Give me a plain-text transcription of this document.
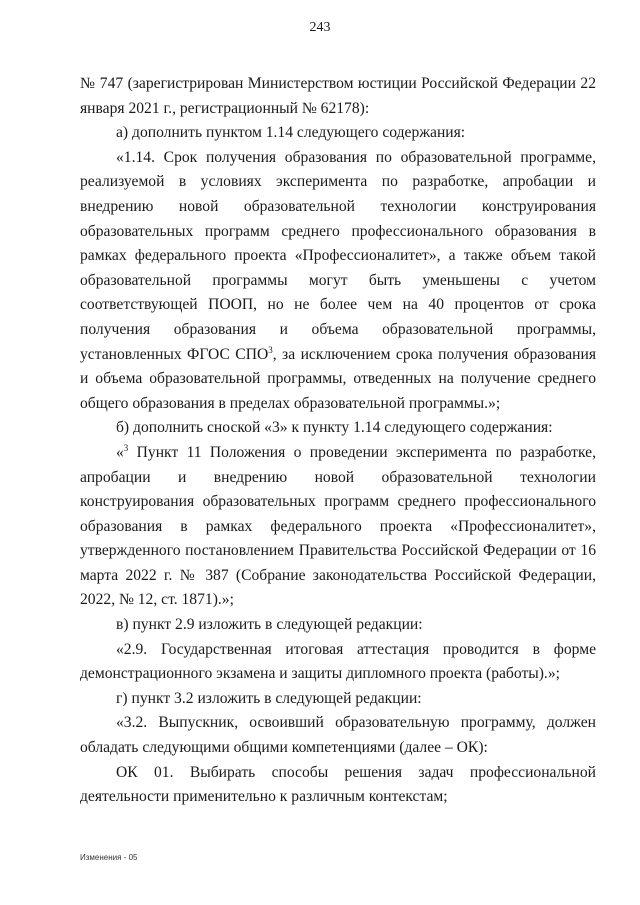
243

№ 747 (зарегистрирован Министерством юстиции Российской Федерации 22 января 2021 г., регистрационный № 62178):

а) дополнить пунктом 1.14 следующего содержания:

«1.14. Срок получения образования по образовательной программе, реализуемой в условиях эксперимента по разработке, апробации и внедрению новой образовательной технологии конструирования образовательных программ среднего профессионального образования в рамках федерального проекта «Профессионалитет», а также объем такой образовательной программы могут быть уменьшены с учетом соответствующей ПООП, но не более чем на 40 процентов от срока получения образования и объема образовательной программы, установленных ФГОС СПО$^3$, за исключением срока получения образования и объема образовательной программы, отведенных на получение среднего общего образования в пределах образовательной программы.»;

б) дополнить сноской «3» к пункту 1.14 следующего содержания:

«$^3$ Пункт 11 Положения о проведении эксперимента по разработке, апробации и внедрению новой образовательной технологии конструирования образовательных программ среднего профессионального образования в рамках федерального проекта «Профессионалитет», утвержденного постановлением Правительства Российской Федерации от 16 марта 2022 г. № 387 (Собрание законодательства Российской Федерации, 2022, № 12, ст. 1871).»;

в) пункт 2.9 изложить в следующей редакции:

«2.9. Государственная итоговая аттестация проводится в форме демонстрационного экзамена и защиты дипломного проекта (работы).»;

г) пункт 3.2 изложить в следующей редакции:

«3.2. Выпускник, освоивший образовательную программу, должен обладать следующими общими компетенциями (далее – ОК):

ОК 01. Выбирать способы решения задач профессиональной деятельности применительно к различным контекстам;

Изменения - 05
